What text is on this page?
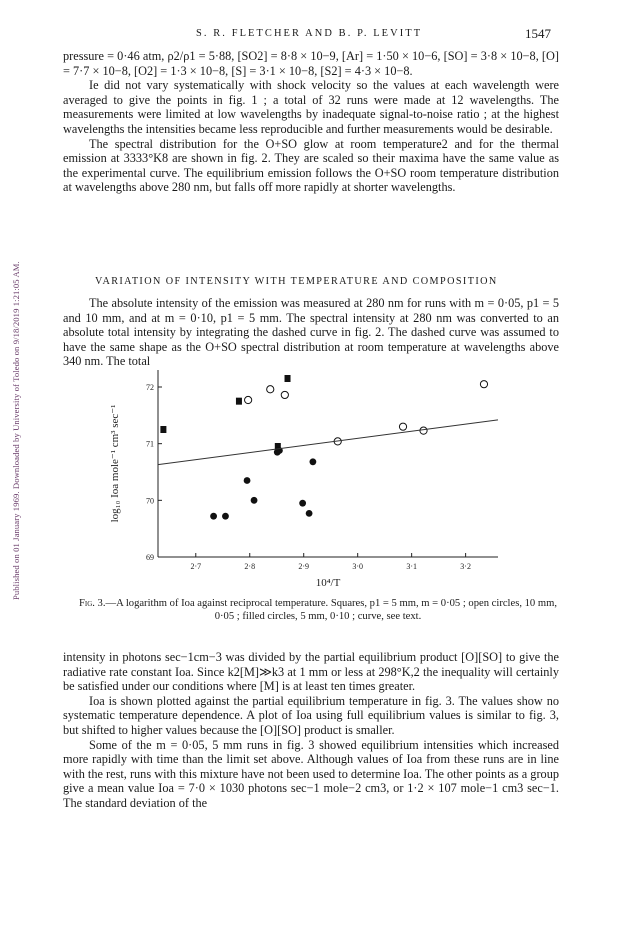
Published on 01 January 1969. Downloaded by University of Toledo on 9/18/2019 1:21:05 AM.
S. R. FLETCHER AND B. P. LEVITT	1547

pressure = 0·46 atm, ρ2/ρ1 = 5·88, [SO2] = 8·8 × 10−9, [Ar] = 1·50 × 10−6, [SO] = 3·8 × 10−8, [O] = 7·7 × 10−8, [O2] = 1·3 × 10−8, [S] = 3·1 × 10−8, [S2] = 4·3 × 10−8.

Ie did not vary systematically with shock velocity so the values at each wavelength were averaged to give the points in fig. 1 ; a total of 32 runs were made at 12 wavelengths. The measurements were limited at low wavelengths by inadequate signal-to-noise ratio ; at the highest wavelengths the intensities became less reproducible and further measurements would be desirable.

The spectral distribution for the O+SO glow at room temperature2 and for the thermal emission at 3333°K8 are shown in fig. 2. They are scaled so their maxima have the same value as the experimental curve. The equilibrium emission follows the O+SO room temperature distribution at wavelengths above 280 nm, but falls off more rapidly at shorter wavelengths.

VARIATION OF INTENSITY WITH TEMPERATURE AND COMPOSITION

The absolute intensity of the emission was measured at 280 nm for runs with m = 0·05, p1 = 5 and 10 mm, and at m = 0·10, p1 = 5 mm. The spectral intensity at 280 nm was converted to an absolute total intensity by integrating the dashed curve in fig. 2. The dashed curve was assumed to have the same shape as the O+SO spectral distribution at room temperature at wavelengths above 340 nm. The total

2·7	2·8	2·9	3·0	3·1	3·2
69
70
71
72
10⁴/T
log₁₀ Ioa mole⁻¹ cm³ sec⁻¹
Fig. 3.—A logarithm of Ioa against reciprocal temperature. Squares, p1 = 5 mm, m = 0·05 ; open circles, 10 mm, 0·05 ; filled circles, 5 mm, 0·10 ; curve, see text.

intensity in photons sec−1cm−3 was divided by the partial equilibrium product [O][SO] to give the radiative rate constant Ioa. Since k2[M]≫k3 at 1 mm or less at 298°K,2 the inequality will certainly be satisfied under our conditions where [M] is at least ten times greater.

Ioa is shown plotted against the partial equilibrium temperature in fig. 3. The values show no systematic temperature dependence. A plot of Ioa using full equilibrium values is similar to fig. 3, but shifted to higher values because the [O][SO] product is smaller.

Some of the m = 0·05, 5 mm runs in fig. 3 showed equilibrium intensities which increased more rapidly with time than the limit set above. Although values of Ioa from these runs are in line with the rest, runs with this mixture have not been used to determine Ioa. The other points as a group give a mean value Ioa = 7·0 × 1030 photons sec−1 mole−2 cm3, or 1·2 × 107 mole−1 cm3 sec−1. The standard deviation of the
